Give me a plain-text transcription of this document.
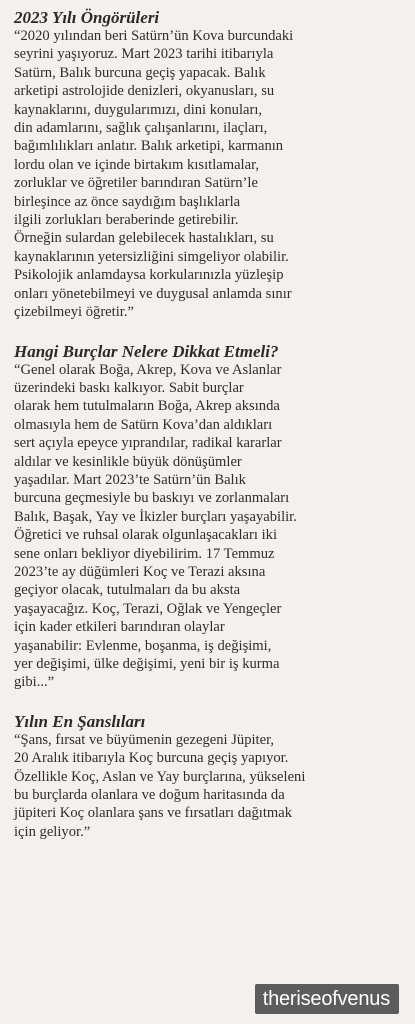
2023 Yılı Öngörüleri

“2020 yılından beri Satürn’ün Kova burcundaki
seyrini yaşıyoruz. Mart 2023 tarihi itibarıyla
Satürn, Balık burcuna geçiş yapacak. Balık
arketipi astrolojide denizleri, okyanusları, su
kaynaklarını, duygularımızı, dini konuları,
din adamlarını, sağlık çalışanlarını, ilaçları,
bağımlılıkları anlatır. Balık arketipi, karmanın
lordu olan ve içinde birtakım kısıtlamalar,
zorluklar ve öğretiler barındıran Satürn’le
birleşince az önce saydığım başlıklarla
ilgili zorlukları beraberinde getirebilir.
Örneğin sulardan gelebilecek hastalıkları, su
kaynaklarının yetersizliğini simgeliyor olabilir.
Psikolojik anlamdaysa korkularınızla yüzleşip
onları yönetebilmeyi ve duygusal anlamda sınır
çizebilmeyi öğretir.”

Hangi Burçlar Nelere Dikkat Etmeli?

“Genel olarak Boğa, Akrep, Kova ve Aslanlar
üzerindeki baskı kalkıyor. Sabit burçlar
olarak hem tutulmaların Boğa, Akrep aksında
olmasıyla hem de Satürn Kova’dan aldıkları
sert açıyla epeyce yıprandılar, radikal kararlar
aldılar ve kesinlikle büyük dönüşümler
yaşadılar. Mart 2023’te Satürn’ün Balık
burcuna geçmesiyle bu baskıyı ve zorlanmaları
Balık, Başak, Yay ve İkizler burçları yaşayabilir.
Öğretici ve ruhsal olarak olgunlaşacakları iki
sene onları bekliyor diyebilirim. 17 Temmuz
2023’te ay düğümleri Koç ve Terazi aksına
geçiyor olacak, tutulmaları da bu aksta
yaşayacağız. Koç, Terazi, Oğlak ve Yengeçler
için kader etkileri barındıran olaylar
yaşanabilir: Evlenme, boşanma, iş değişimi,
yer değişimi, ülke değişimi, yeni bir iş kurma
gibi...”

Yılın En Şanslıları

“Şans, fırsat ve büyümenin gezegeni Jüpiter,
20 Aralık itibarıyla Koç burcuna geçiş yapıyor.
Özellikle Koç, Aslan ve Yay burçlarına, yükseleni
bu burçlarda olanlara ve doğum haritasında da
jüpiteri Koç olanlara şans ve fırsatları dağıtmak
için geliyor.”

theriseofvenus
